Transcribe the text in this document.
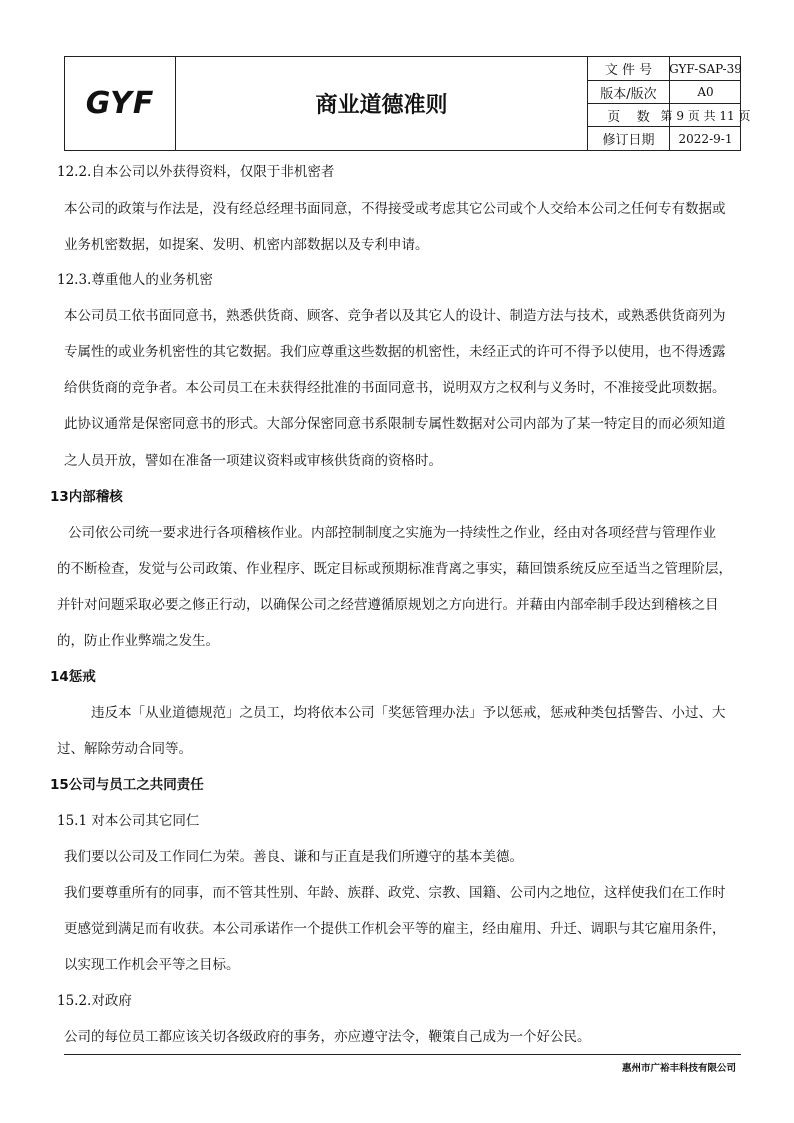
GYF	商业道德准则
文 件 号	GYF-SAP-39
版本/版次	A0
页    数 第 9 页 共 11 页
修订日期	2022-9-1
12.2.自本公司以外获得资料，仅限于非机密者
本公司的政策与作法是，没有经总经理书面同意，不得接受或考虑其它公司或个人交给本公司之任何专有数据或
业务机密数据，如提案、发明、机密内部数据以及专利申请。
12.3.尊重他人的业务机密
本公司员工依书面同意书，熟悉供货商、顾客、竞争者以及其它人的设计、制造方法与技术，或熟悉供货商列为
专属性的或业务机密性的其它数据。我们应尊重这些数据的机密性，未经正式的许可不得予以使用，也不得透露
给供货商的竞争者。本公司员工在未获得经批准的书面同意书，说明双方之权利与义务时，不准接受此项数据。
此协议通常是保密同意书的形式。大部分保密同意书系限制专属性数据对公司内部为了某一特定目的而必须知道
之人员开放，譬如在准备一项建议资料或审核供货商的资格时。
13内部稽核
公司依公司统一要求进行各项稽核作业。内部控制制度之实施为一持续性之作业，经由对各项经营与管理作业
的不断检查，发觉与公司政策、作业程序、既定目标或预期标准背离之事实，藉回馈系统反应至适当之管理阶层，
并针对问题采取必要之修正行动，以确保公司之经营遵循原规划之方向进行。并藉由内部牵制手段达到稽核之目
的，防止作业弊端之发生。
14惩戒
违反本「从业道德规范」之员工，均将依本公司「奖惩管理办法」予以惩戒，惩戒种类包括警告、小过、大
过、解除劳动合同等。
15公司与员工之共同责任
15.1 对本公司其它同仁
我们要以公司及工作同仁为荣。善良、谦和与正直是我们所遵守的基本美德。
我们要尊重所有的同事，而不管其性别、年龄、族群、政党、宗教、国籍、公司内之地位，这样使我们在工作时
更感觉到满足而有收获。本公司承诺作一个提供工作机会平等的雇主，经由雇用、升迁、调职与其它雇用条件，
以实现工作机会平等之目标。
15.2.对政府
公司的每位员工都应该关切各级政府的事务，亦应遵守法令，鞭策自己成为一个好公民。
惠州市广裕丰科技有限公司
